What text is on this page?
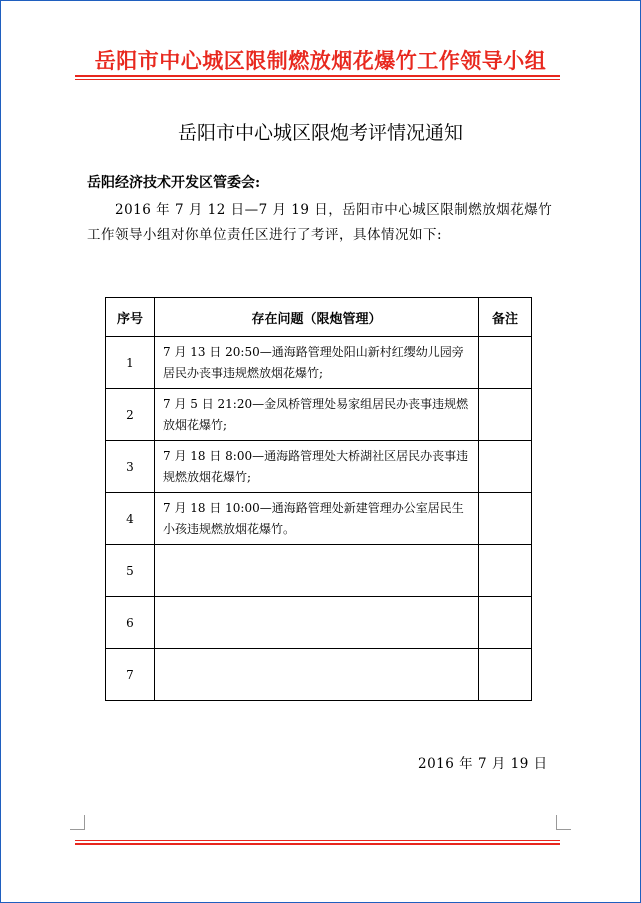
岳阳市中心城区限制燃放烟花爆竹工作领导小组
岳阳市中心城区限炮考评情况通知
岳阳经济技术开发区管委会:
2016 年 7 月 12 日—7 月 19 日，岳阳市中心城区限制燃放烟花爆竹工作领导小组对你单位责任区进行了考评，具体情况如下:
序号	存在问题（限炮管理）	备注
1	7 月 13 日 20:50—通海路管理处阳山新村红缨幼儿园旁居民办丧事违规燃放烟花爆竹;	
2	7 月 5 日 21:20—金凤桥管理处易家组居民办丧事违规燃放烟花爆竹;	
3	7 月 18 日 8:00—通海路管理处大桥湖社区居民办丧事违规燃放烟花爆竹;	
4	7 月 18 日 10:00—通海路管理处新建管理办公室居民生小孩违规燃放烟花爆竹。	
5		
6		
7		
2016 年 7 月 19 日
